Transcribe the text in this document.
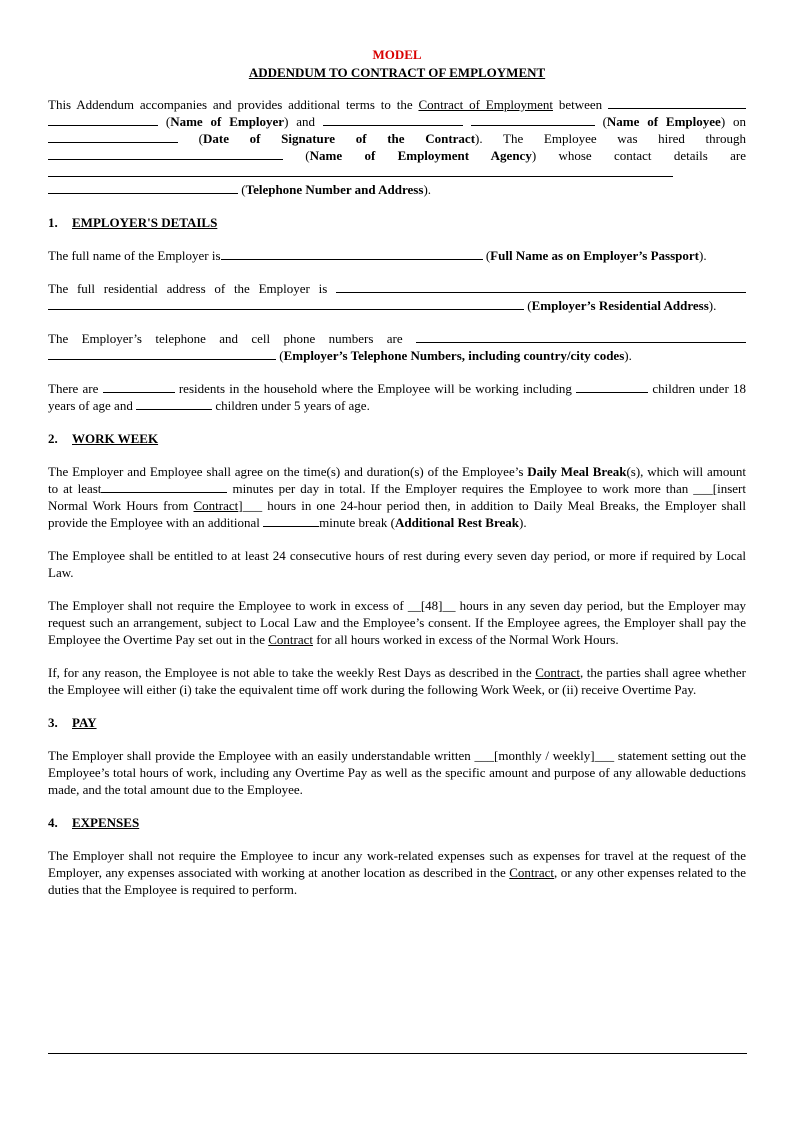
MODEL
ADDENDUM TO CONTRACT OF EMPLOYMENT

This Addendum accompanies and provides additional terms to the Contract of Employment between   (Name of Employer) and	(Name of Employee) on  (Date of Signature of the Contract). The Employee was hired through (Name of Employment Agency) whose contact details are  (Telephone Number and Address).

1. EMPLOYER'S DETAILS

The full name of the Employer is	(Full Name as on Employer’s Passport).

The full residential address of the Employer is   (Employer’s Residential Address).

The Employer’s telephone and cell phone numbers are   (Employer’s Telephone Numbers, including country/city codes).

There are	residents in the household where the Employee will be working including	children under 18 years of age and	children under 5 years of age.

2. WORK WEEK

The Employer and Employee shall agree on the time(s) and duration(s) of the Employee’s Daily Meal Break(s), which will amount to at least	minutes per day in total. If the Employer requires the Employee to work more than ___[insert Normal Work Hours from Contract]___ hours in one 24-hour period then, in addition to Daily Meal Breaks, the Employer shall provide the Employee with an additional	minute break (Additional Rest Break).

The Employee shall be entitled to at least 24 consecutive hours of rest during every seven day period, or more if required by Local Law.

The Employer shall not require the Employee to work in excess of __[48]__ hours in any seven day period, but the Employer may request such an arrangement, subject to Local Law and the Employee’s consent. If the Employee agrees, the Employer shall pay the Employee the Overtime Pay set out in the Contract for all hours worked in excess of the Normal Work Hours.

If, for any reason, the Employee is not able to take the weekly Rest Days as described in the Contract, the parties shall agree whether the Employee will either (i) take the equivalent time off work during the following Work Week, or (ii) receive Overtime Pay.

3. PAY

The Employer shall provide the Employee with an easily understandable written ___[monthly / weekly]___ statement setting out the Employee’s total hours of work, including any Overtime Pay as well as the specific amount and purpose of any allowable deductions made, and the total amount due to the Employee.

4. EXPENSES

The Employer shall not require the Employee to incur any work-related expenses such as expenses for travel at the request of the Employer, any expenses associated with working at another location as described in the Contract, or any other expenses related to the duties that the Employee is required to perform.
